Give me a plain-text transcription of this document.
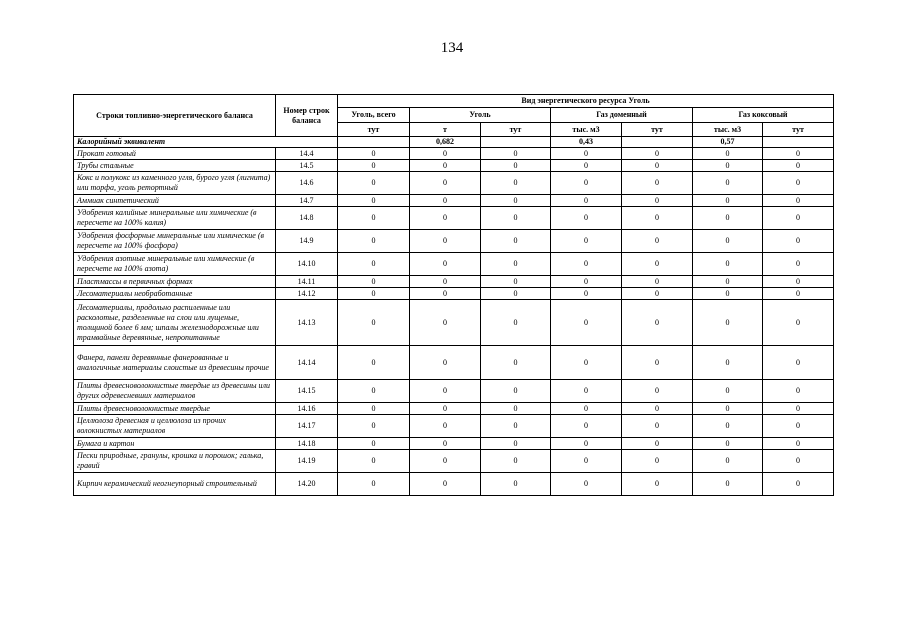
134
Строки топливно-энергетического баланса	Номер строк баланса	Вид энергетического ресурса Уголь						
		Уголь, всего	Уголь		Газ доменный		Газ коксовый	
		тут	т	тут	тыс. м3	тут	тыс. м3	тут
Калорийный эквивалент			0,682		0,43		0,57	
Прокат готовый	14.4	0	0	0	0	0	0	0
Трубы стальные	14.5	0	0	0	0	0	0	0
Кокс и полукокс из каменного угля, бурого угля (лигнита) или торфа, уголь ретортный	14.6	0	0	0	0	0	0	0
Аммиак синтетический	14.7	0	0	0	0	0	0	0
Удобрения калийные минеральные или химические (в пересчете на 100% калия)	14.8	0	0	0	0	0	0	0
Удобрения фосфорные минеральные или химические (в пересчете на 100% фосфора)	14.9	0	0	0	0	0	0	0
Удобрения азотные минеральные или химические (в пересчете на 100% азота)	14.10	0	0	0	0	0	0	0
Пластмассы в первичных формах	14.11	0	0	0	0	0	0	0
Лесоматериалы необработанные	14.12	0	0	0	0	0	0	0
Лесоматериалы, продольно распиленные или расколотые, разделенные на слои или лущеные, толщиной более 6 мм; шпалы железнодорожные или трамвайные деревянные, непропитанные	14.13	0	0	0	0	0	0	0
Фанера, панели деревянные фанерованные и аналогичные материалы слоистые из древесины прочие	14.14	0	0	0	0	0	0	0
Плиты древесноволокнистые твердые из древесины или других одревесневших материалов	14.15	0	0	0	0	0	0	0
Плиты древесноволокнистые твердые	14.16	0	0	0	0	0	0	0
Целлюлоза древесная и целлюлоза из прочих волокнистых материалов	14.17	0	0	0	0	0	0	0
Бумага и картон	14.18	0	0	0	0	0	0	0
Пески природные, гранулы, крошка и порошок; галька, гравий	14.19	0	0	0	0	0	0	0
Кирпич керамический неогнеупорный строительный	14.20	0	0	0	0	0	0	0
